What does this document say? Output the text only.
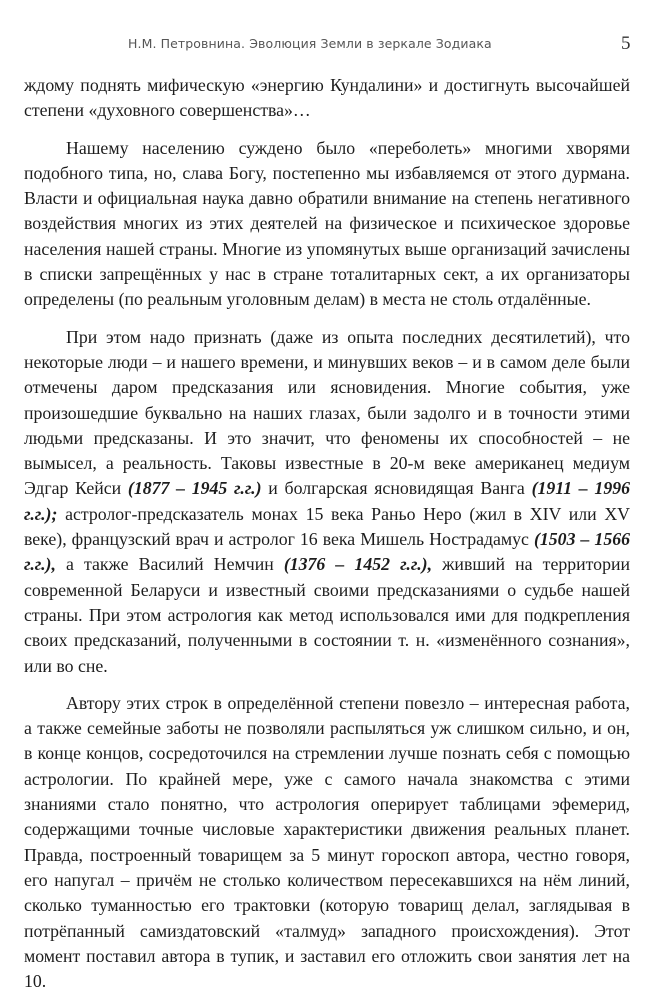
Н.М. Петровнина. Эволюция Земли в зеркале Зодиака	5

ждому поднять мифическую «энергию Кундалини» и достигнуть высочайшей степени «духовного совершенства»…

Нашему населению суждено было «переболеть» многими хворями подобного типа, но, слава Богу, постепенно мы избавляемся от этого дурмана. Власти и официальная наука давно обратили внимание на степень негативного воздействия многих из этих деятелей на физическое и психическое здоровье населения нашей страны. Многие из упомянутых выше организаций зачислены в списки запрещённых у нас в стране тоталитарных сект, а их организаторы определены (по реальным уголовным делам) в места не столь отдалённые.

При этом надо признать (даже из опыта последних десятилетий), что некоторые люди – и нашего времени, и минувших веков – и в самом деле были отмечены даром предсказания или ясновидения. Многие события, уже произошедшие буквально на наших глазах, были задолго и в точности этими людьми предсказаны. И это значит, что феномены их способностей – не вымысел, а реальность. Таковы известные в 20-м веке американец медиум Эдгар Кейси (1877 – 1945 г.г.) и болгарская ясновидящая Ванга (1911 – 1996 г.г.); астролог-предсказатель монах 15 века Раньо Неро (жил в XIV или XV веке), французский врач и астролог 16 века Мишель Нострадамус (1503 – 1566 г.г.), а также Василий Немчин (1376 – 1452 г.г.), живший на территории современной Беларуси и известный своими предсказаниями о судьбе нашей страны. При этом астрология как метод использовался ими для подкрепления своих предсказаний, полученными в состоянии т. н. «изменённого сознания», или во сне.

Автору этих строк в определённой степени повезло – интересная работа, а также семейные заботы не позволяли распыляться уж слишком сильно, и он, в конце концов, сосредоточился на стремлении лучше познать себя с помощью астрологии. По крайней мере, уже с самого начала знакомства с этими знаниями стало понятно, что астрология оперирует таблицами эфемерид, содержащими точные числовые характеристики движения реальных планет. Правда, построенный товарищем за 5 минут гороскоп автора, честно говоря, его напугал – причём не столько количеством пересекавшихся на нём линий, сколько туманностью его трактовки (которую товарищ делал, заглядывая в потрёпанный самиздатовский «талмуд» западного происхождения). Этот момент поставил автора в тупик, и заставил его отложить свои занятия лет на 10.
